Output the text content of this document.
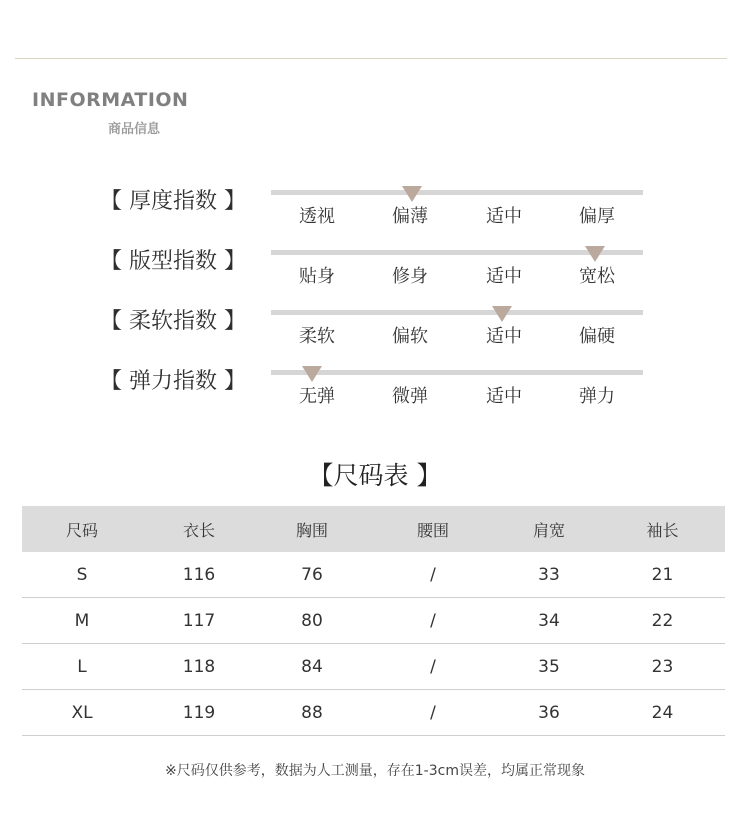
INFORMATION
商品信息
【 厚度指数 】
透视	偏薄	适中	偏厚
【 版型指数 】
贴身	修身	适中	宽松
【 柔软指数 】
柔软	偏软	适中	偏硬
【 弹力指数 】
无弹	微弹	适中	弹力
【尺码表 】
尺码	衣长	胸围	腰围	肩宽	袖长
S	116	76	/	33	21
M	117	80	/	34	22
L	118	84	/	35	23
XL	119	88	/	36	24
※尺码仅供参考，数据为人工测量，存在1-3cm误差，均属正常现象
